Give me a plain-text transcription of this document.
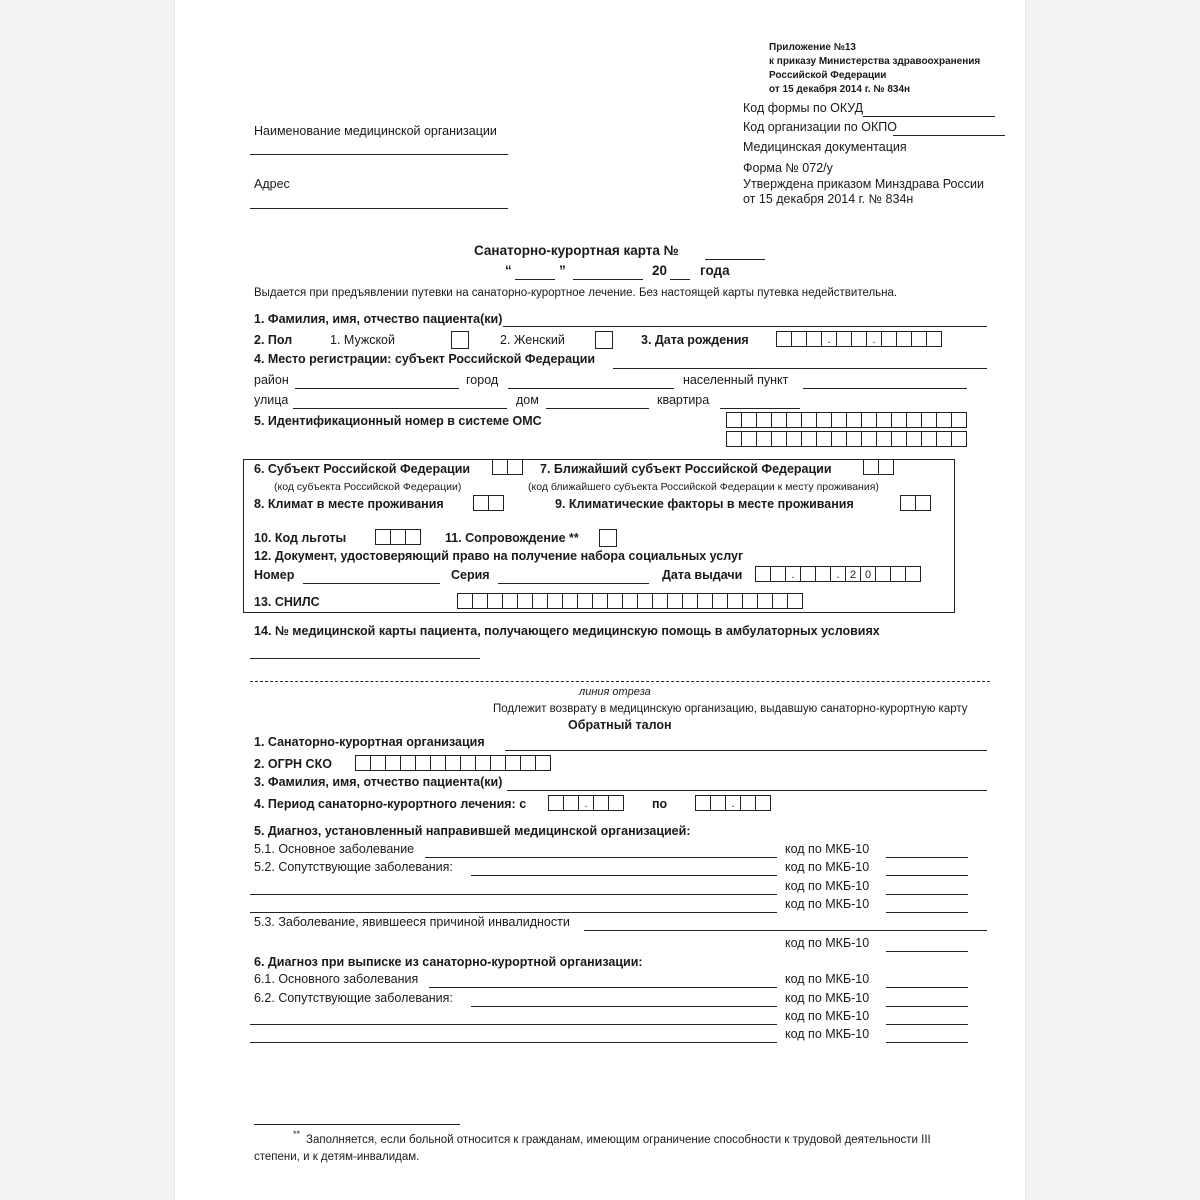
Приложение №13
к приказу Министерства здравоохранения
Российской Федерации
от 15 декабря 2014 г. № 834н
Код формы по ОКУД
Код организации по ОКПО
Медицинская документация
Форма № 072/у
Утверждена приказом Минздрава России
от 15 декабря 2014 г. № 834н
Наименование медицинской организации
Адрес
Санаторно-курортная карта №
“	”	20 года
Выдается при предъявлении путевки на санаторно-курортное лечение. Без настоящей карты путевка недействительна.
1. Фамилия, имя, отчество пациента(ки)
2. Пол	1. Мужской	2. Женский	3. Дата рождения	.	.
4. Место регистрации: субъект Российской Федерации
район	город	населенный пункт
улица	дом	квартира
5. Идентификационный номер в системе ОМС
6. Субъект Российской Федерации
(код субъекта Российской Федерации)
7. Ближайший субъект Российской Федерации
(код ближайшего субъекта Российской Федерации к месту проживания)
8. Климат в месте проживания	9. Климатические факторы в месте проживания
10. Код льготы	11. Сопровождение **
12. Документ, удостоверяющий право на получение набора социальных услуг
Номер	Серия	Дата выдачи	.	. 2 0
13. СНИЛС
14. № медицинской карты пациента, получающего медицинскую помощь в амбулаторных условиях
линия отреза
Подлежит возврату в медицинскую организацию, выдавшую санаторно-курортную карту
Обратный талон
1. Санаторно-курортная организация
2. ОГРН СКО
3. Фамилия, имя, отчество пациента(ки)
4. Период санаторно-курортного лечения: с	.	по	.
5. Диагноз, установленный направившей медицинской организацией:
5.1. Основное заболевание	код по МКБ-10
5.2. Сопутствующие заболевания:	код по МКБ-10
код по МКБ-10
код по МКБ-10
5.3. Заболевание, явившееся причиной инвалидности
код по МКБ-10
6. Диагноз при выписке из санаторно-курортной организации:
6.1. Основного заболевания	код по МКБ-10
6.2. Сопутствующие заболевания:	код по МКБ-10
код по МКБ-10
код по МКБ-10
** Заполняется, если больной относится к гражданам, имеющим ограничение способности к трудовой деятельности III
степени, и к детям-инвалидам.
